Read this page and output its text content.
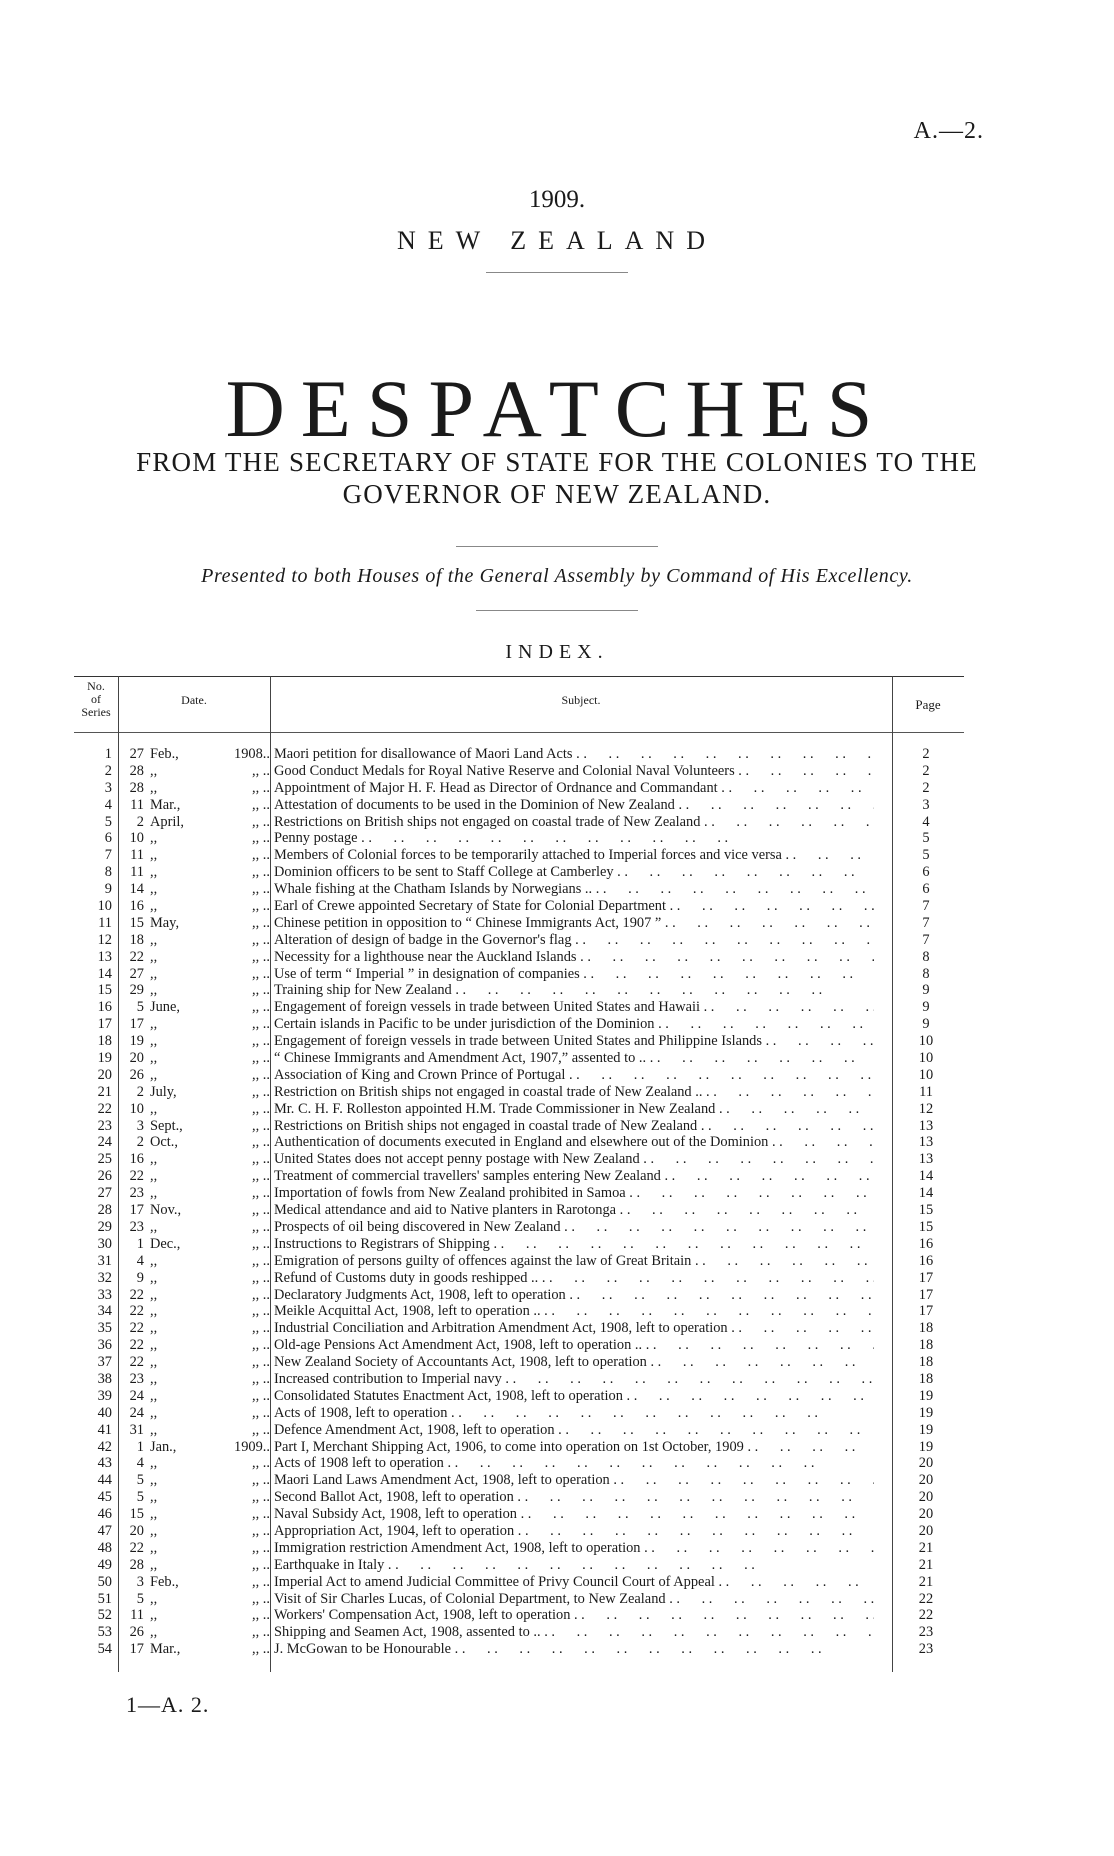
A.—2.
1909.
NEW ZEALAND
DESPATCHES
FROM THE SECRETARY OF STATE FOR THE COLONIES TO THE
GOVERNOR OF NEW ZEALAND.
Presented to both Houses of the General Assembly by Command of His Excellency.
INDEX.
No.
of
Series
Date.	Subject.	Page
1	27 Feb.,	1908.. Maori petition for disallowance of Maori Land Acts . .	2
2	28 ,,	,, .. Good Conduct Medals for Royal Native Reserve and Colonial Naval Volunteers . .	2
3	28 ,,	,, .. Appointment of Major H. F. Head as Director of Ordnance and Commandant . .	2
4	11 Mar.,	,, .. Attestation of documents to be used in the Dominion of New Zealand . .	3
5	2 April,	,, .. Restrictions on British ships not engaged on coastal trade of New Zealand . .	4
6	10 ,,	,, .. Penny postage . .	5
7	11 ,,	,, .. Members of Colonial forces to be temporarily attached to Imperial forces and vice versa . .	5
8	11 ,,	,, .. Dominion officers to be sent to Staff College at Camberley . .	6
9	14 ,,	,, .. Whale fishing at the Chatham Islands by Norwegians .. . .	6
10	16 ,,	,, .. Earl of Crewe appointed Secretary of State for Colonial Department . .	7
11	15 May,	,, .. Chinese petition in opposition to “ Chinese Immigrants Act, 1907 ” . .	7
12	18 ,,	,, .. Alteration of design of badge in the Governor's flag . .	7
13	22 ,,	,, .. Necessity for a lighthouse near the Auckland Islands . .	8
14	27 ,,	,, .. Use of term “ Imperial ” in designation of companies . .	8
15	29 ,,	,, .. Training ship for New Zealand . .	9
16	5 June,	,, .. Engagement of foreign vessels in trade between United States and Hawaii . .	9
17	17 ,,	,, .. Certain islands in Pacific to be under jurisdiction of the Dominion . .	9
18	19 ,,	,, .. Engagement of foreign vessels in trade between United States and Philippine Islands . .	10
19	20 ,,	,, .. “ Chinese Immigrants and Amendment Act, 1907,” assented to .. . .	10
20	26 ,,	,, .. Association of King and Crown Prince of Portugal . .	10
21	2 July,	,, .. Restriction on British ships not engaged in coastal trade of New Zealand .. . .	11
22	10 ,,	,, .. Mr. C. H. F. Rolleston appointed H.M. Trade Commissioner in New Zealand . .	12
23	3 Sept.,	,, .. Restrictions on British ships not engaged in coastal trade of New Zealand . .	13
24	2 Oct.,	,, .. Authentication of documents executed in England and elsewhere out of the Dominion . .	13
25	16 ,,	,, .. United States does not accept penny postage with New Zealand . .	13
26	22 ,,	,, .. Treatment of commercial travellers' samples entering New Zealand . .	14
27	23 ,,	,, .. Importation of fowls from New Zealand prohibited in Samoa . .	14
28	17 Nov.,	,, .. Medical attendance and aid to Native planters in Rarotonga . .	15
29	23 ,,	,, .. Prospects of oil being discovered in New Zealand . .	15
30	1 Dec.,	,, .. Instructions to Registrars of Shipping . .	16
31	4 ,,	,, .. Emigration of persons guilty of offences against the law of Great Britain . .	16
32	9 ,,	,, .. Refund of Customs duty in goods reshipped .. . .	17
33	22 ,,	,, .. Declaratory Judgments Act, 1908, left to operation . .	17
34	22 ,,	,, .. Meikle Acquittal Act, 1908, left to operation .. . .	17
35	22 ,,	,, .. Industrial Conciliation and Arbitration Amendment Act, 1908, left to operation . .	18
36	22 ,,	,, .. Old-age Pensions Act Amendment Act, 1908, left to operation .. . .	18
37	22 ,,	,, .. New Zealand Society of Accountants Act, 1908, left to operation . .	18
38	23 ,,	,, .. Increased contribution to Imperial navy . .	18
39	24 ,,	,, .. Consolidated Statutes Enactment Act, 1908, left to operation . .	19
40	24 ,,	,, .. Acts of 1908, left to operation . .	19
41	31 ,,	,, .. Defence Amendment Act, 1908, left to operation . .	19
42	1 Jan.,	1909.. Part I, Merchant Shipping Act, 1906, to come into operation on 1st October, 1909 . .	19
43	4 ,,	,, .. Acts of 1908 left to operation . .	20
44	5 ,,	,, .. Maori Land Laws Amendment Act, 1908, left to operation . .	20
45	5 ,,	,, .. Second Ballot Act, 1908, left to operation . .	20
46	15 ,,	,, .. Naval Subsidy Act, 1908, left to operation . .	20
47	20 ,,	,, .. Appropriation Act, 1904, left to operation . .	20
48	22 ,,	,, .. Immigration restriction Amendment Act, 1908, left to operation . .	21
49	28 ,,	,, .. Earthquake in Italy . .	21
50	3 Feb.,	,, .. Imperial Act to amend Judicial Committee of Privy Council Court of Appeal . .	21
51	5 ,,	,, .. Visit of Sir Charles Lucas, of Colonial Department, to New Zealand . .	22
52	11 ,,	,, .. Workers' Compensation Act, 1908, left to operation . .	22
53	26 ,,	,, .. Shipping and Seamen Act, 1908, assented to .. . .	23
54	17 Mar.,	,, .. J. McGowan to be Honourable . .	23
1—A. 2.
